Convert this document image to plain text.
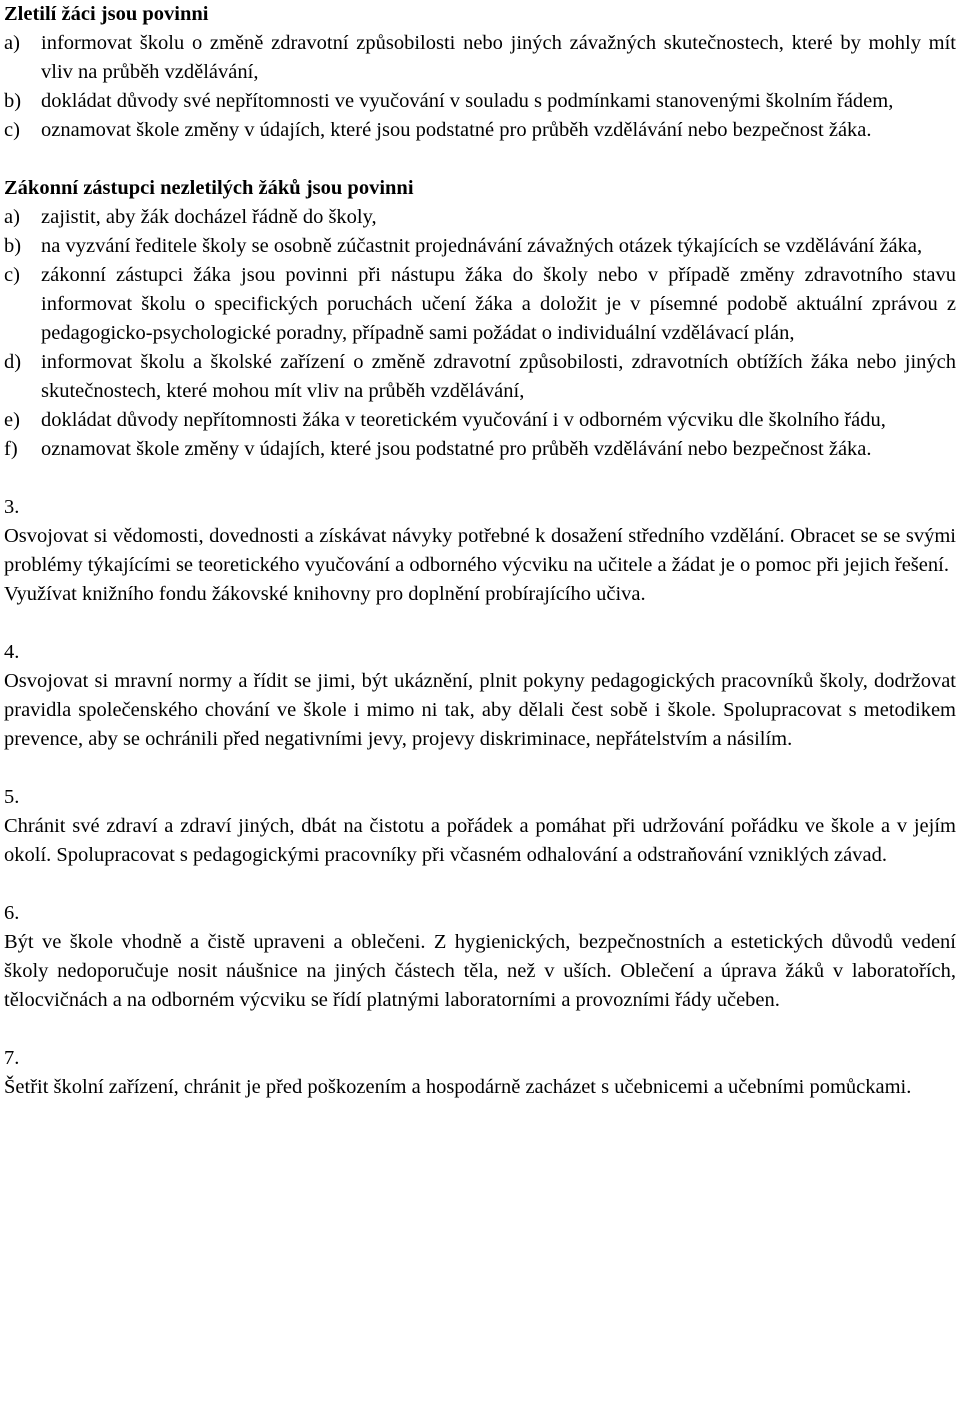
Zletilí žáci jsou povinni

a)	informovat školu o změně zdravotní způsobilosti nebo jiných závažných skutečnostech, které by mohly mít vliv na průběh vzdělávání,
b) dokládat důvody své nepřítomnosti ve vyučování v souladu s podmínkami stanovenými školním řádem,
c)	oznamovat škole změny v údajích, které jsou podstatné pro průběh vzdělávání nebo bezpečnost žáka.

Zákonní zástupci nezletilých žáků jsou povinni

a)	zajistit, aby žák docházel řádně do školy,
b) na vyzvání ředitele školy se osobně zúčastnit projednávání závažných otázek týkajících se vzdělávání žáka,
c)	zákonní zástupci žáka jsou povinni při nástupu žáka do školy nebo v případě změny zdravotního stavu informovat školu o specifických poruchách učení žáka a doložit je v písemné podobě aktuální zprávou z pedagogicko-psychologické poradny, případně sami požádat o individuální vzdělávací plán,
d) informovat školu a školské zařízení o změně zdravotní způsobilosti, zdravotních obtížích žáka nebo jiných skutečnostech, které mohou mít vliv na průběh vzdělávání,
e)	dokládat důvody nepřítomnosti žáka v teoretickém vyučování i v odborném výcviku dle školního řádu,
f)	oznamovat škole změny v údajích, které jsou podstatné pro průběh vzdělávání nebo bezpečnost žáka.

3.

Osvojovat si vědomosti, dovednosti a získávat návyky potřebné k dosažení středního vzdělání. Obracet se se svými problémy týkajícími se teoretického vyučování a odborného výcviku na učitele a žádat je o pomoc při jejich řešení.

Využívat knižního fondu žákovské knihovny pro doplnění probírajícího učiva.

4.

Osvojovat si mravní normy a řídit se jimi, být ukáznění, plnit pokyny pedagogických pracovníků školy, dodržovat pravidla společenského chování ve škole i mimo ni tak, aby dělali čest sobě i škole. Spolupracovat s metodikem prevence, aby se ochránili před negativními jevy, projevy diskriminace, nepřátelstvím a násilím.

5.

Chránit své zdraví a zdraví jiných, dbát na čistotu a pořádek a pomáhat při udržování pořádku ve škole a v jejím okolí. Spolupracovat s pedagogickými pracovníky při včasném odhalování a odstraňování vzniklých závad.

6.

Být ve škole vhodně a čistě upraveni a oblečeni. Z hygienických, bezpečnostních a estetických důvodů vedení školy nedoporučuje nosit náušnice na jiných částech těla, než v uších. Oblečení a úprava žáků v laboratořích, tělocvičnách a na odborném výcviku se řídí platnými laboratorními a provozními řády učeben.

7.

Šetřit školní zařízení, chránit je před poškozením a hospodárně zacházet s učebnicemi a učebními pomůckami.
